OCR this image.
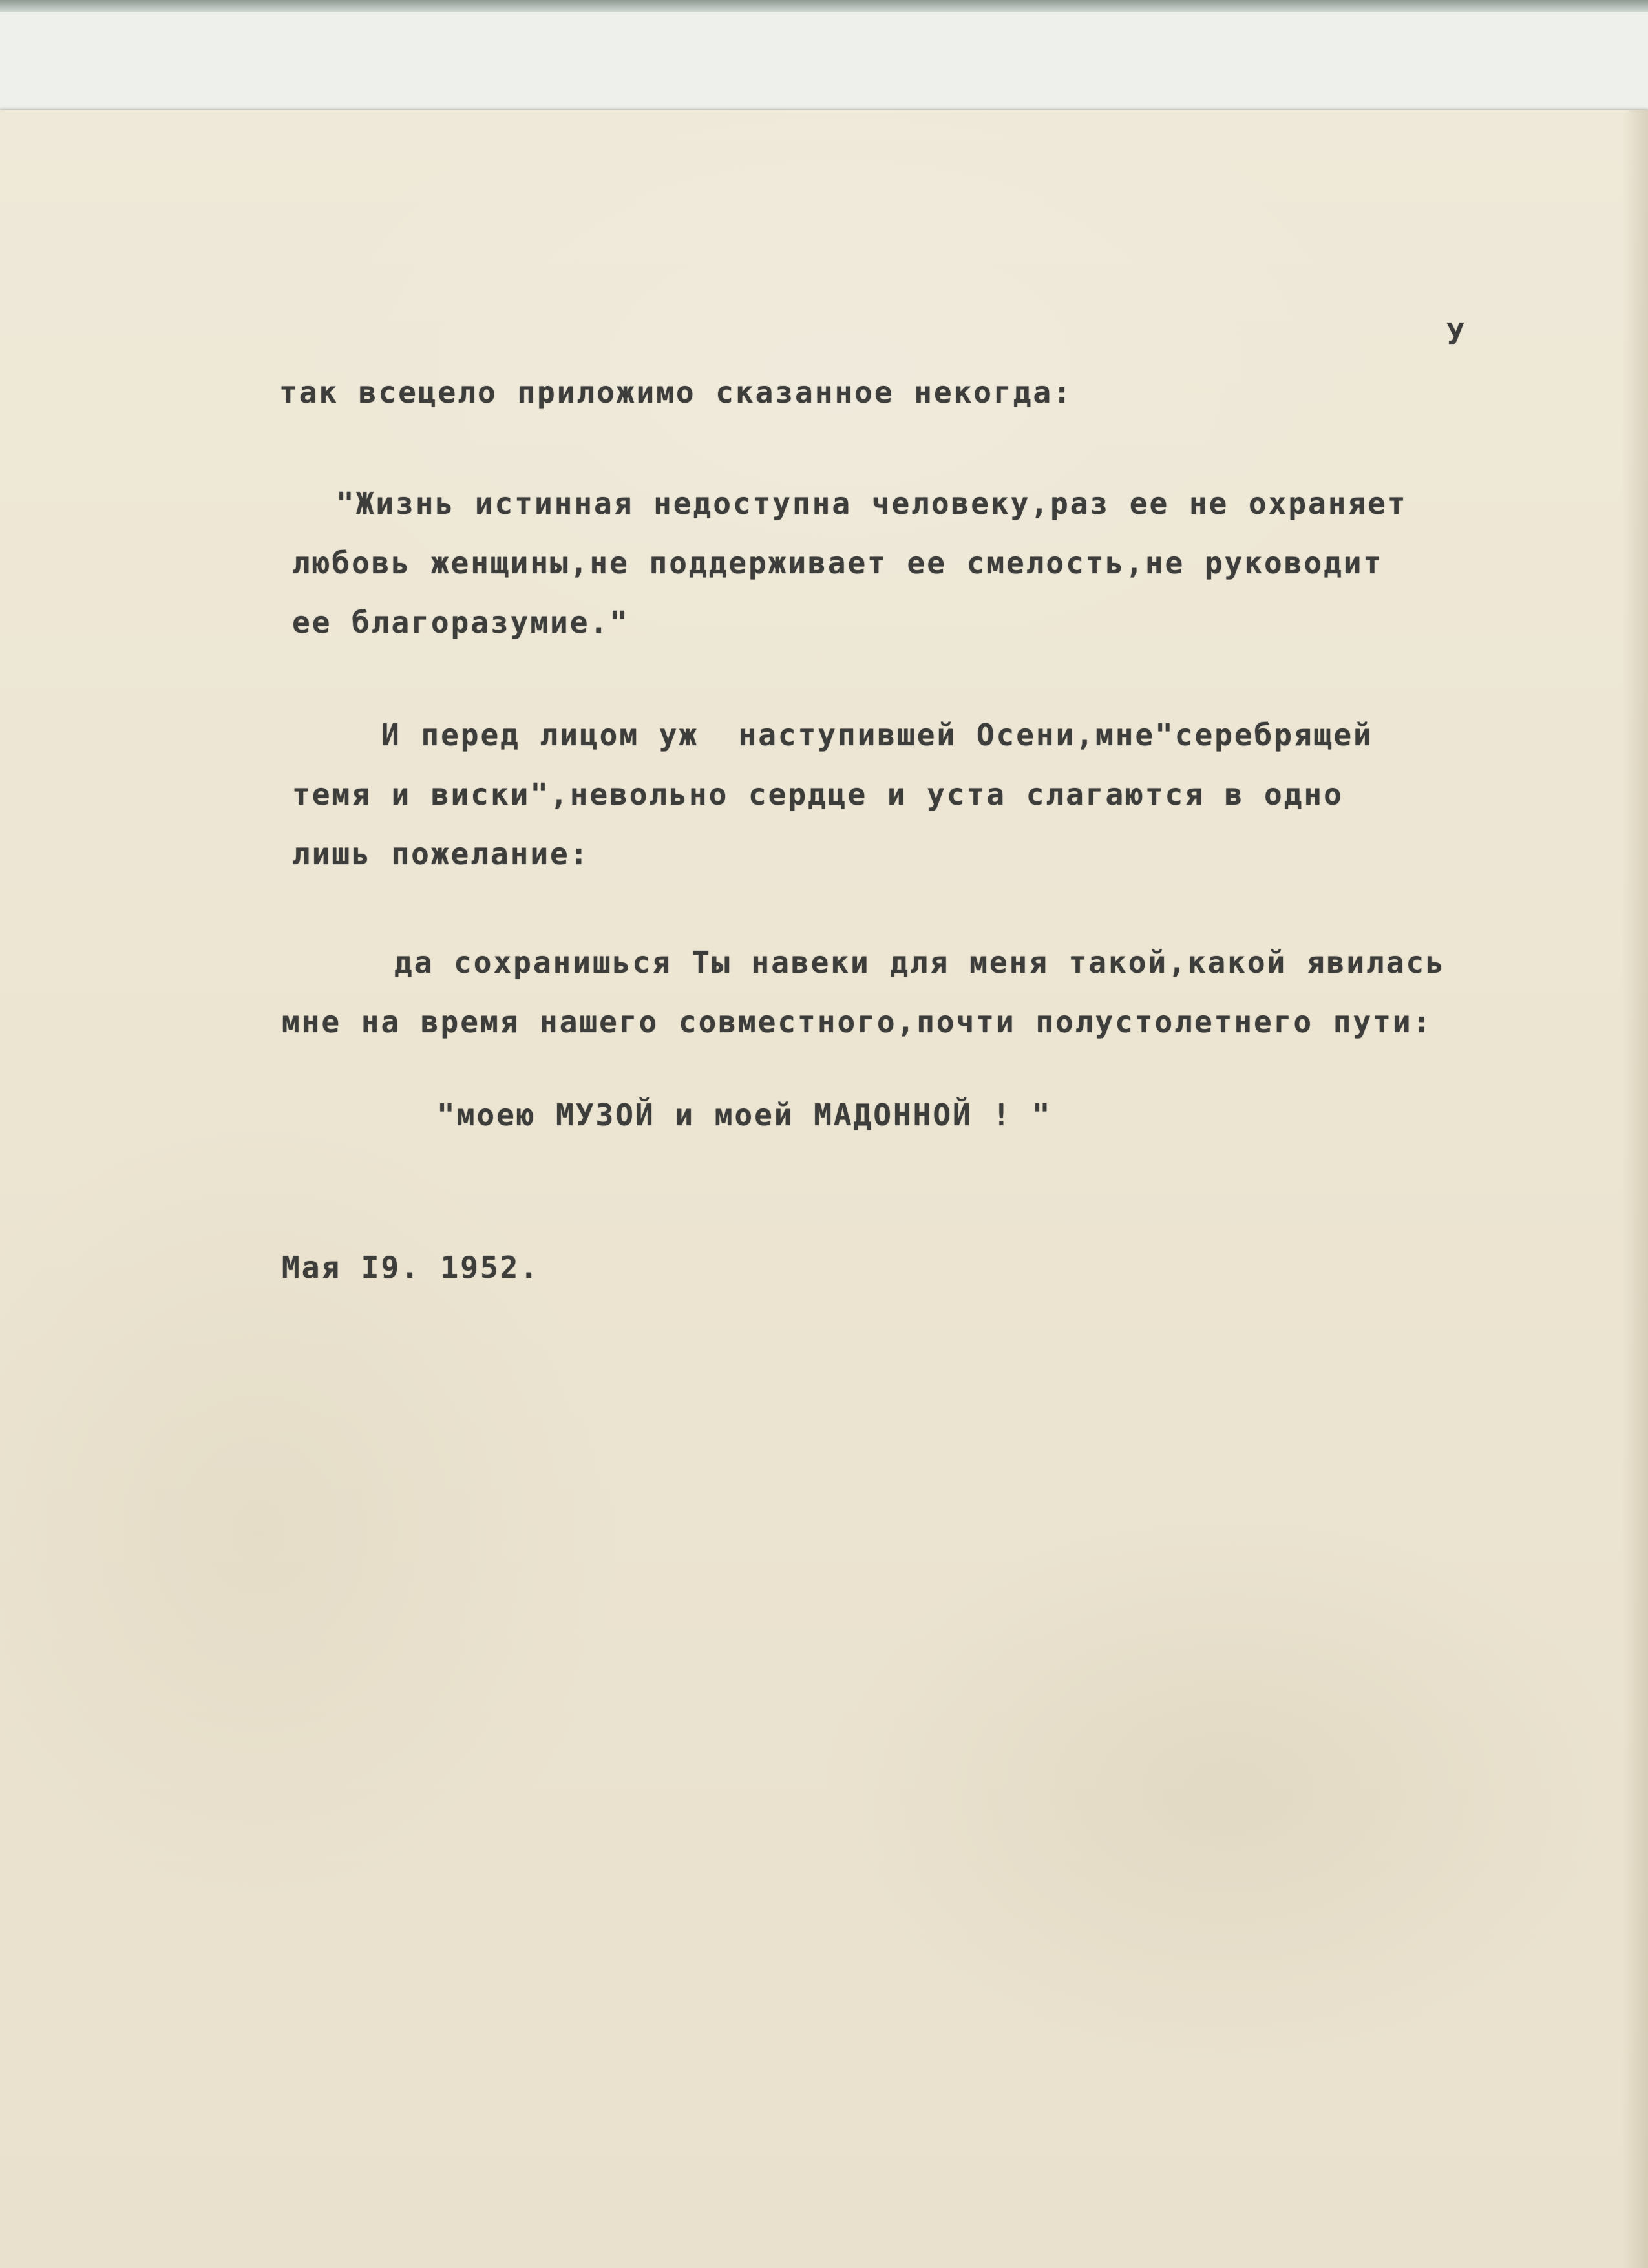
У

так всецело приложимо сказанное некогда:

"Жизнь истинная недоступна человеку,раз ее не охраняет

любовь женщины,не поддерживает ее смелость,не руководит

ее благоразумие."

И перед лицом уж  наступившей Осени,мне"серебрящей

темя и виски",невольно сердце и уста слагаются в одно

лишь пожелание:

да сохранишься Ты навеки для меня такой,какой явилась

мне на время нашего совместного,почти полустолетнего пути:

"моею МУЗОЙ и моей МАДОННОЙ ! "

Мая I9. 1952.
